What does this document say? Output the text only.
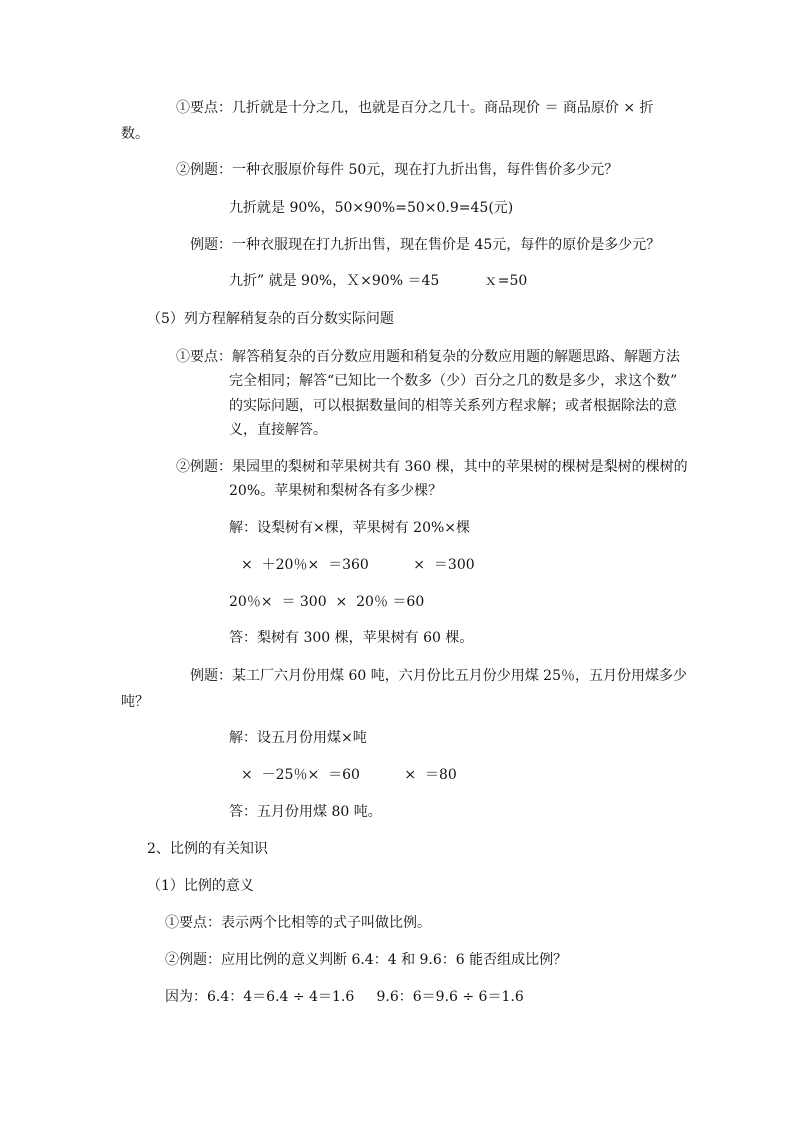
①要点：几折就是十分之几，也就是百分之几十。商品现价 ＝ 商品原价 × 折
数。
②例题：一种衣服原价每件 50元，现在打九折出售，每件售价多少元？
九折就是 90%，50×90%=50×0.9=45(元)
例题：一种衣服现在打九折出售，现在售价是 45元，每件的原价是多少元？
九折” 就是 90%，Ｘ×90% ＝45          ｘ=50
（5）列方程解稍复杂的百分数实际问题
①要点：解答稍复杂的百分数应用题和稍复杂的分数应用题的解题思路、解题方法
完全相同；解答“已知比一个数多（少）百分之几的数是多少，求这个数”
的实际问题，可以根据数量间的相等关系列方程求解；或者根据除法的意
义，直接解答。
②例题：果园里的梨树和苹果树共有 360 棵，其中的苹果树的棵树是梨树的棵树的
20%。苹果树和梨树各有多少棵？
解：设梨树有×棵，苹果树有 20%×棵
×  ＋20％×  ＝360          ×  ＝300
20％×  ＝ 300  ×  20％ ＝60
答：梨树有 300 棵，苹果树有 60 棵。
例题：某工厂六月份用煤 60 吨，六月份比五月份少用煤 25％，五月份用煤多少
吨？
解：设五月份用煤×吨
×  －25％×  ＝60          ×  ＝80
答：五月份用煤 80 吨。
2、比例的有关知识
（1）比例的意义
①要点：表示两个比相等的式子叫做比例。
②例题：应用比例的意义判断 6.4：4 和 9.6：6 能否组成比例？
因为：6.4：4＝6.4 ÷ 4＝1.6     9.6：6＝9.6 ÷ 6＝1.6
